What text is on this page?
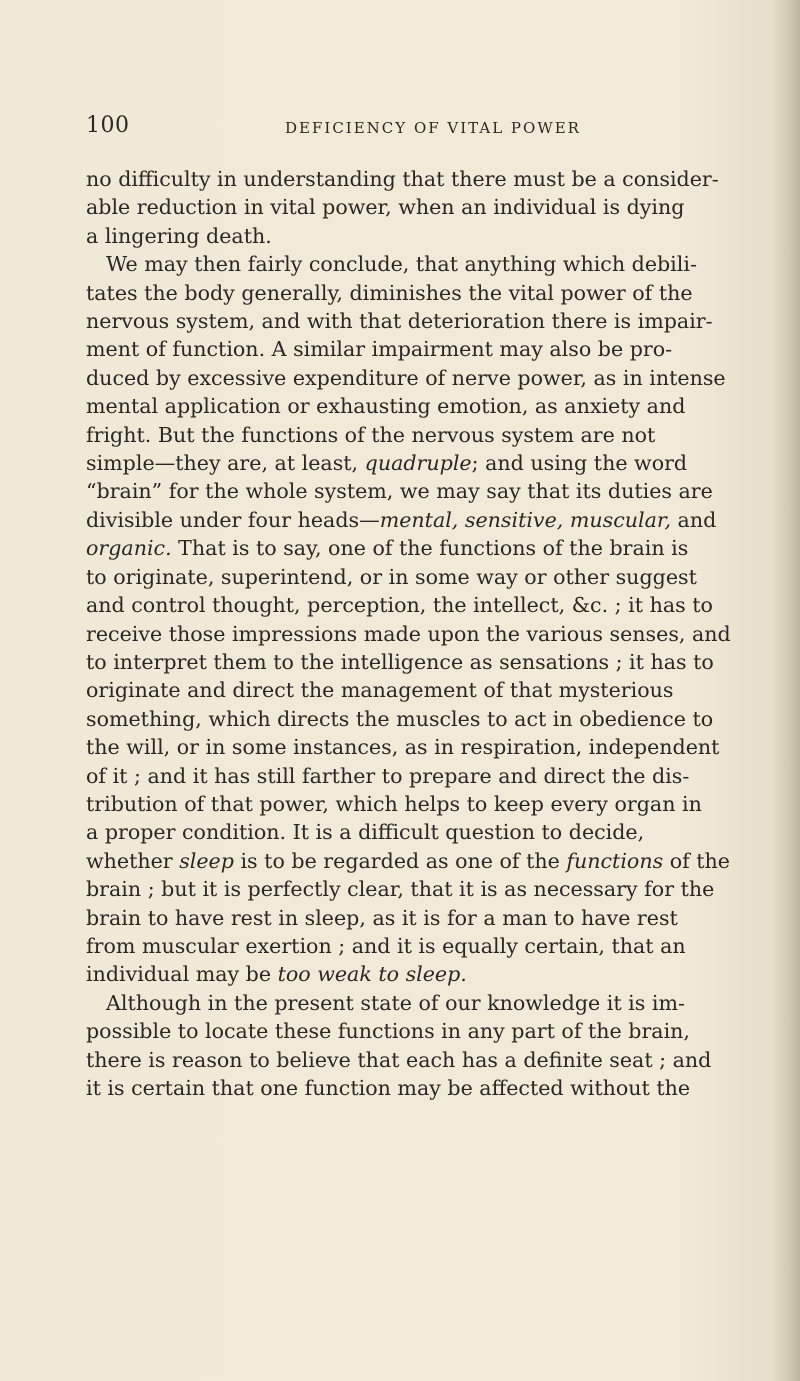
100	DEFICIENCY OF VITAL POWER

no difficulty in understanding that there must be a consider-
able reduction in vital power, when an individual is dying
a lingering death.

We may then fairly conclude, that anything which debili-
tates the body generally, diminishes the vital power of the
nervous system, and with that deterioration there is impair-
ment of function. A similar impairment may also be pro-
duced by excessive expenditure of nerve power, as in intense
mental application or exhausting emotion, as anxiety and
fright. But the functions of the nervous system are not
simple—they are, at least, quadruple; and using the word
“brain” for the whole system, we may say that its duties are
divisible under four heads—mental, sensitive, muscular, and
organic. That is to say, one of the functions of the brain is
to originate, superintend, or in some way or other suggest
and control thought, perception, the intellect, &c. ; it has to
receive those impressions made upon the various senses, and
to interpret them to the intelligence as sensations ; it has to
originate and direct the management of that mysterious
something, which directs the muscles to act in obedience to
the will, or in some instances, as in respiration, independent
of it ; and it has still farther to prepare and direct the dis-
tribution of that power, which helps to keep every organ in
a proper condition. It is a difficult question to decide,
whether sleep is to be regarded as one of the functions of the
brain ; but it is perfectly clear, that it is as necessary for the
brain to have rest in sleep, as it is for a man to have rest
from muscular exertion ; and it is equally certain, that an
individual may be too weak to sleep.

Although in the present state of our knowledge it is im-
possible to locate these functions in any part of the brain,
there is reason to believe that each has a definite seat ; and
it is certain that one function may be affected without the
